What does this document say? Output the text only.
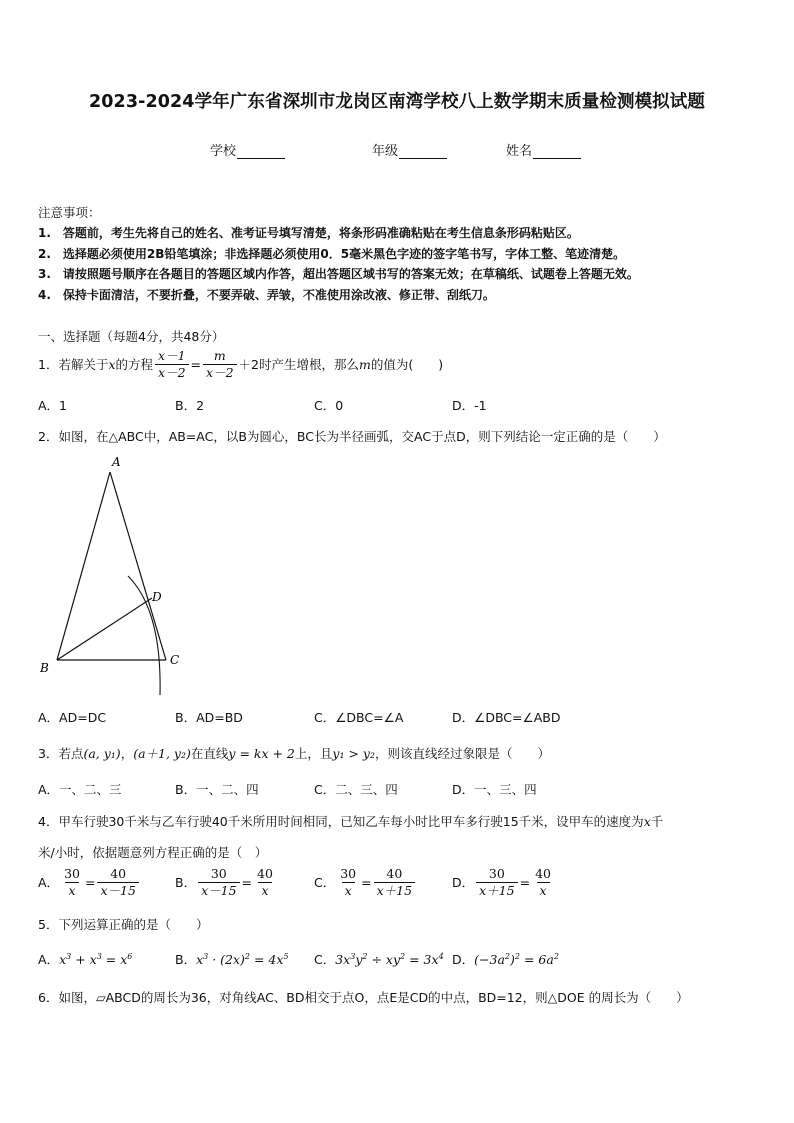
2023-2024学年广东省深圳市龙岗区南湾学校八上数学期末质量检测模拟试题
学校	年级	姓名
注意事项：
1.　答题前，考生先将自己的姓名、准考证号填写清楚，将条形码准确粘贴在考生信息条形码粘贴区。
2.　选择题必须使用2B铅笔填涂；非选择题必须使用0．5毫米黑色字迹的签字笔书写，字体工整、笔迹清楚。
3.　请按照题号顺序在各题目的答题区域内作答，超出答题区域书写的答案无效；在草稿纸、试题卷上答题无效。
4.　保持卡面清洁，不要折叠，不要弄破、弄皱，不准使用涂改液、修正带、刮纸刀。
一、选择题（每题4分，共48分）
1．若解关于 x 的方程 $\frac{x-1}{x-2} = \frac{m}{x-2} +2$时产生增根，那么 m 的值为(　　)
A．1	B．2	C．0	D．-1
2．如图，在△ABC中，AB=AC，以B为圆心，BC长为半径画弧，交AC于点D，则下列结论一定正确的是（　　）
A
B
C
D
A．AD=DC	B．AD=BD	C．∠DBC=∠A	D．∠DBC=∠ABD
3．若点(a, y₁)，(a＋1, y₂)在直线y = kx + 2上，且y₁ > y₂，则该直线经过象限是（　　）
A．一、二、三	B．一、二、四	C．二、三、四	D．一、三、四
4．甲车行驶30千米与乙车行驶40千米所用时间相同，已知乙车每小时比甲车多行驶15千米，设甲车的速度为x千
米/小时，依据题意列方程正确的是（　）
A． $\frac{30}{x} = \frac{40}{x-15}$	B． $\frac{30}{x-15} = \frac{40}{x}$	C． $\frac{30}{x} = \frac{40}{x+15}$	D． $\frac{30}{x+15} = \frac{40}{x}$
5．下列运算正确的是（　　）
A．$x^3 + x^3 = x^6$	B．$x^3 \cdot (2x)^2 = 4x^5$ C．$3x^3y^2 \div xy^2 = 3x^4$ D．$(-3a^2)^2 = 6a^2$
6．如图，▱ABCD的周长为36，对角线AC、BD相交于点O，点E是CD的中点，BD=12，则△DOE 的周长为（　　）
